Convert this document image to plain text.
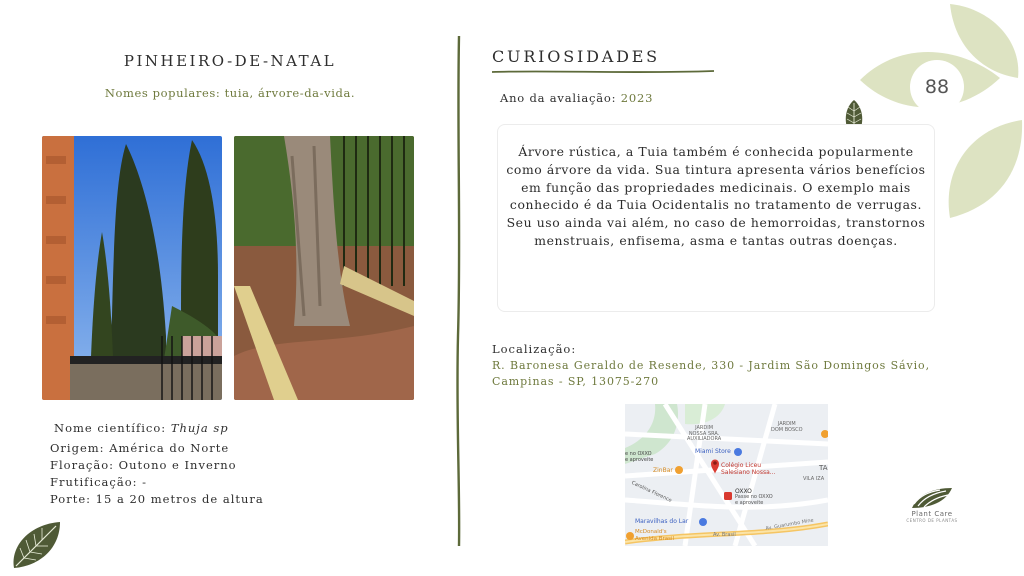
88
PINHEIRO-DE-NATAL
Nomes populares: tuia, árvore-da-vida.
Nome científico: Thuja sp
Origem: América do Norte
Floração: Outono e Inverno
Frutificação: -
Porte: 15 a 20 metros de altura
CURIOSIDADES
Ano da avaliação: 2023
Árvore rústica, a Tuia também é conhecida popularmente como árvore da vida. Sua tintura apresenta vários benefícios em função das propriedades medicinais. O exemplo mais conhecido é da Tuia Ocidentalis no tratamento de verrugas. Seu uso ainda vai além, no caso de hemorroidas, transtornos menstruais, enfisema, asma e tantas outras doenças.
Localização:
R. Baronesa Geraldo de Resende, 330 - Jardim São Domingos Sávio, Campinas - SP, 13075-270
JARDIM
NOSSA SRA.
AUXILIADORA
JARDIM
DOM BOSCO
e no OXXO
e aproveite
Miami Store
ZinBar
Colégio Liceu
Salesiano Nossa...
OXXO
Passe no OXXO
e aproveite
Carolina Florence
VILA IZA
TA
Maravilhas do Lar
McDonald's
Avenida Brasil
Av. Brasil
Av. Guarumbo Mine
Plant Care
CENTRO DE PLANTAS
